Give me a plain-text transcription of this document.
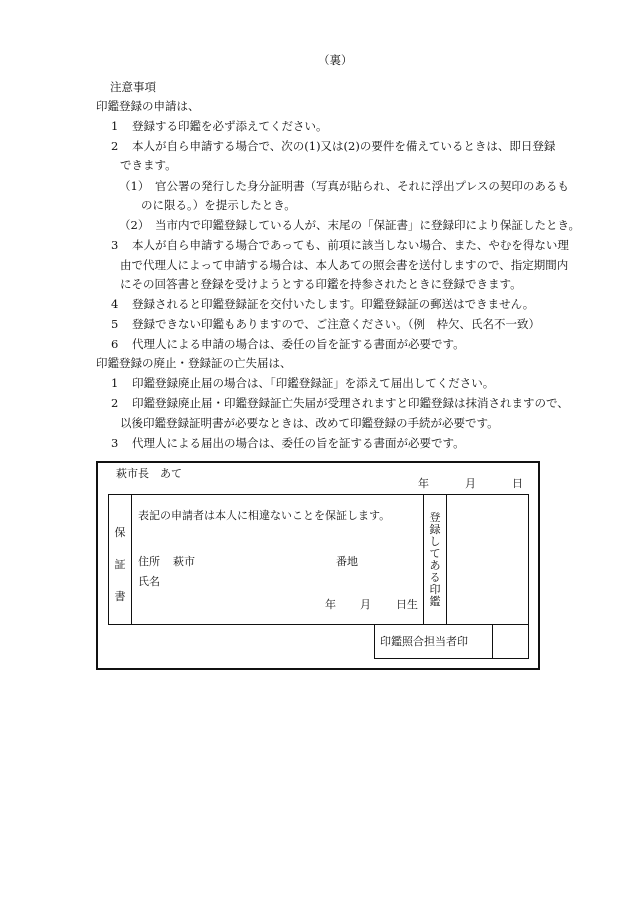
（裏）
注意事項
印鑑登録の申請は、
1 登録する印鑑を必ず添えてください。
2 本人が自ら申請する場合で、次の(1)又は(2)の要件を備えているときは、即日登録
できます。
（1） 官公署の発行した身分証明書（写真が貼られ、それに浮出プレスの契印のあるも
のに限る。）を提示したとき。
（2） 当市内で印鑑登録している人が、末尾の「保証書」に登録印により保証したとき。
3 本人が自ら申請する場合であっても、前項に該当しない場合、また、やむを得ない理
由で代理人によって申請する場合は、本人あての照会書を送付しますので、指定期間内
にその回答書と登録を受けようとする印鑑を持参されたときに登録できます。
4 登録されると印鑑登録証を交付いたします。印鑑登録証の郵送はできません。
5 登録できない印鑑もありますので、ご注意ください。（例　枠欠、氏名不一致）
6 代理人による申請の場合は、委任の旨を証する書面が必要です。
印鑑登録の廃止・登録証の亡失届は、
1 印鑑登録廃止届の場合は、「印鑑登録証」を添えて届出してください。
2 印鑑登録廃止届・印鑑登録証亡失届が受理されますと印鑑登録は抹消されますので、
以後印鑑登録証明書が必要なときは、改めて印鑑登録の手続が必要です。
3 代理人による届出の場合は、委任の旨を証する書面が必要です。
萩市長　あて
年	月	日
保証書
表記の申請者は本人に相違ないことを保証します。
住所 萩市	番地
氏名
年 月 日生
登録してある印鑑
印鑑照合担当者印
